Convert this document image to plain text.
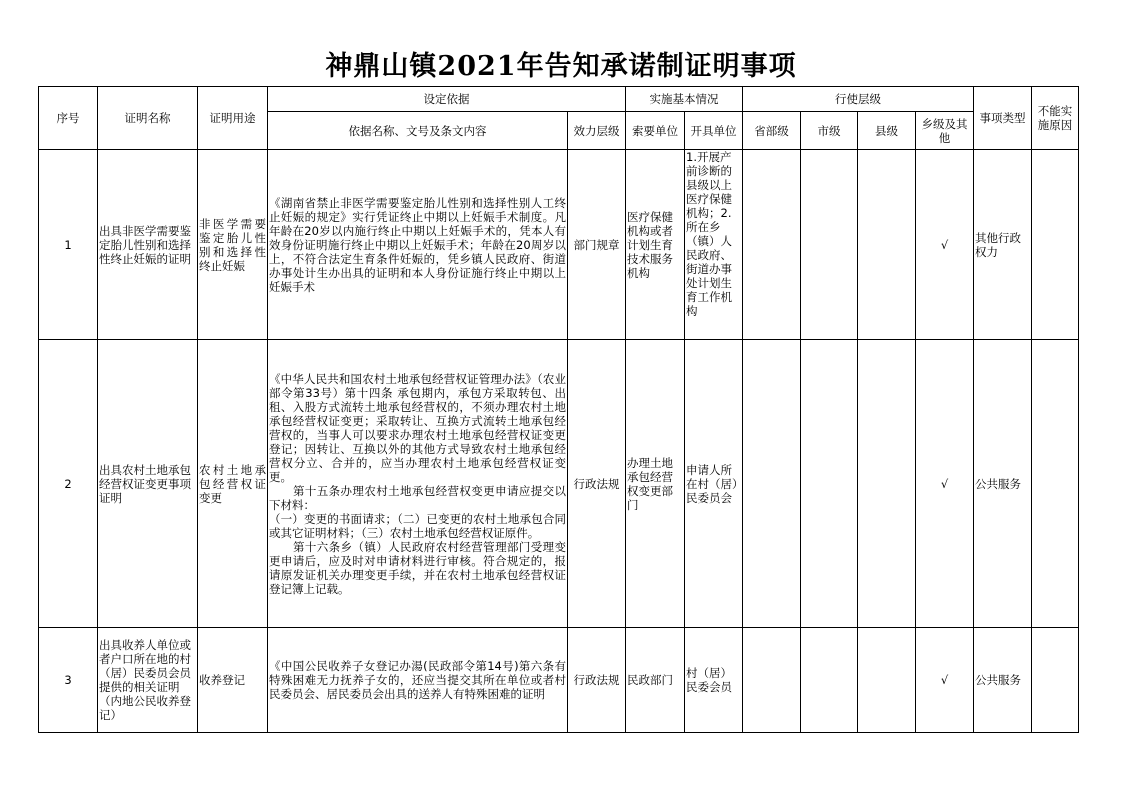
神鼎山镇2021年告知承诺制证明事项
序号	证明名称	证明用途	设定依据		实施基本情况		行使层级				事项类型	不能实施原因
			依据名称、文号及条文内容	效力层级	索要单位	开具单位	省部级	市级	县级	乡级及其他		
1	出具非医学需要鉴定胎儿性别和选择性终止妊娠的证明	非医学需要鉴定胎儿性别和选择性终止妊娠	《湖南省禁止非医学需要鉴定胎儿性别和选择性别人工终止妊娠的规定》实行凭证终止中期以上妊娠手术制度。凡年龄在20岁以内施行终止中期以上妊娠手术的，凭本人有效身份证明施行终止中期以上妊娠手术；年龄在20周岁以上，不符合法定生育条件妊娠的，凭乡镇人民政府、街道办事处计生办出具的证明和本人身份证施行终止中期以上妊娠手术	部门规章	医疗保健机构或者计划生育技术服务机构	1.开展产前诊断的县级以上医疗保健机构；2.所在乡（镇）人民政府、街道办事处计划生育工作机构				√	其他行政权力	
2	出具农村土地承包经营权证变更事项证明	农村土地承包经营权证变更	《中华人民共和国农村土地承包经营权证管理办法》（农业部令第33号）第十四条 承包期内，承包方采取转包、出租、入股方式流转土地承包经营权的，不须办理农村土地承包经营权证变更；采取转让、互换方式流转土地承包经营权的，当事人可以要求办理农村土地承包经营权证变更登记；因转让、互换以外的其他方式导致农村土地承包经营权分立、合并的，应当办理农村土地承包经营权证变更。

第十五条办理农村土地承包经营权变更申请应提交以下材料：

（一）变更的书面请求；（二）已变更的农村土地承包合同或其它证明材料；（三）农村土地承包经营权证原件。

第十六条乡（镇）人民政府农村经营管理部门受理变更申请后，应及时对申请材料进行审核。符合规定的，报请原发证机关办理变更手续，并在农村土地承包经营权证登记簿上记载。	行政法规	办理土地承包经营权变更部门	申请人所在村（居）民委员会				√	公共服务	
3	出具收养人单位或者户口所在地的村（居）民委员会员提供的相关证明（内地公民收养登记）	收养登记	《中国公民收养子女登记办湯(民政部令第14号)第六条有特殊困难无力抚养子女的，还应当提交其所在单位或者村民委员会、居民委员会出具的送养人有特殊困难的证明	行政法规	民政部门	村（居）民委会员				√	公共服务	
